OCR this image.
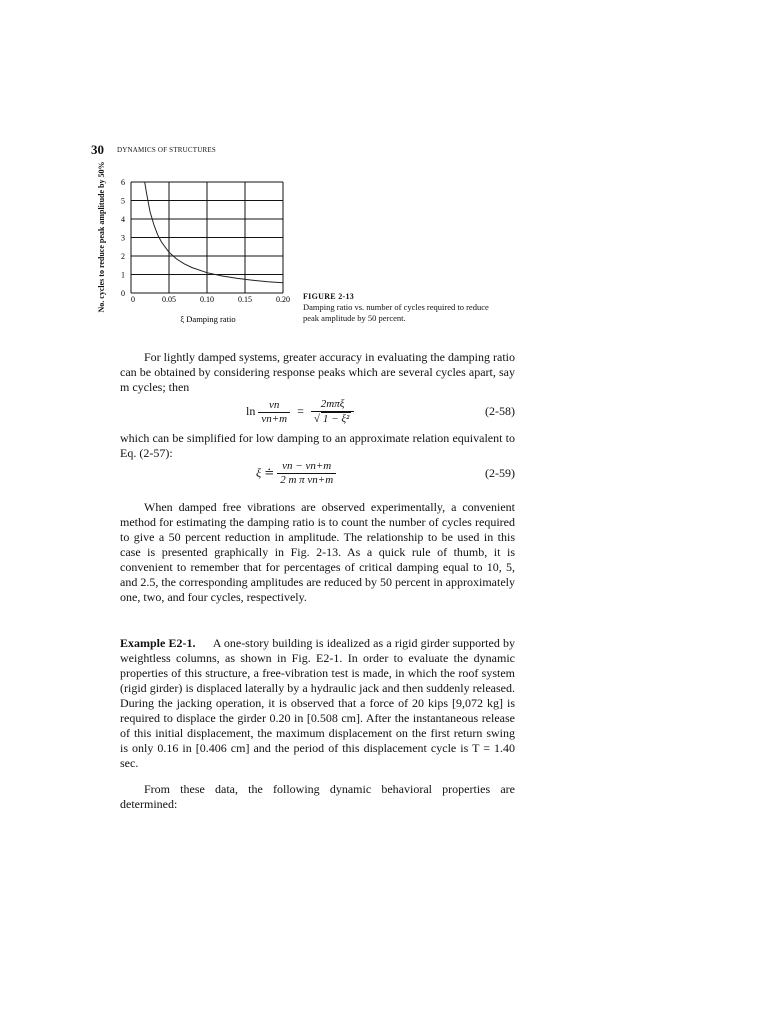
30 DYNAMICS OF STRUCTURES
No. cycles to reduce peak amplitude by 50%	0	0.05	0.10	0.15	0.20
0
1
2
3
4
5
6
ξ Damping ratio
FIGURE 2-13
Damping ratio vs. number of cycles required to reduce peak amplitude by 50 percent.
For lightly damped systems, greater accuracy in evaluating the damping ratio can be obtained by considering response peaks which are several cycles apart, say m cycles; then
$\ln \frac{vn}{vn+m} = \frac{\text{2mπξ}}{\text{√ 1 − ξ²}}$	(2-58)
which can be simplified for low damping to an approximate relation equivalent to Eq. (2-57):
ξ ≐ $\frac{vn - vn+m}{\text{2 m π vn+m}}$	(2-59)
When damped free vibrations are observed experimentally, a convenient method for estimating the damping ratio is to count the number of cycles required to give a 50 percent reduction in amplitude. The relationship to be used in this case is presented graphically in Fig. 2-13. As a quick rule of thumb, it is convenient to remember that for percentages of critical damping equal to 10, 5, and 2.5, the corresponding amplitudes are reduced by 50 percent in approximately one, two, and four cycles, respectively.
Example E2-1. A one-story building is idealized as a rigid girder supported by weightless columns, as shown in Fig. E2-1. In order to evaluate the dynamic properties of this structure, a free-vibration test is made, in which the roof system (rigid girder) is displaced laterally by a hydraulic jack and then suddenly released. During the jacking operation, it is observed that a force of 20 kips [9,072 kg] is required to displace the girder 0.20 in [0.508 cm]. After the instantaneous release of this initial displacement, the maximum displacement on the first return swing is only 0.16 in [0.406 cm] and the period of this displacement cycle is T = 1.40 sec.
From these data, the following dynamic behavioral properties are determined:
